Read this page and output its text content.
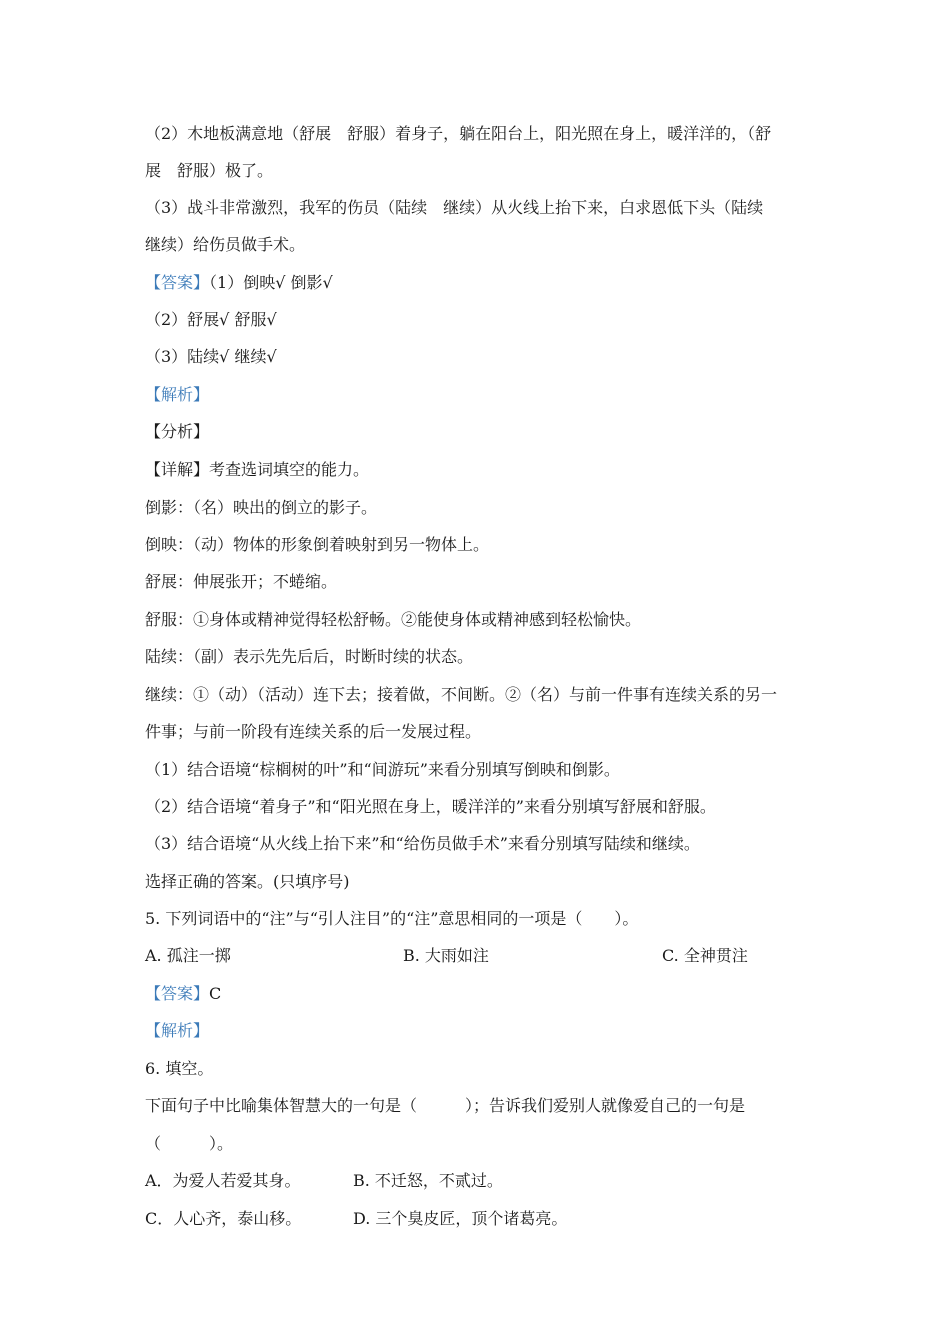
（2）木地板满意地（舒展　舒服）着身子，躺在阳台上，阳光照在身上，暖洋洋的，（舒
展　舒服）极了。
（3）战斗非常激烈，我军的伤员（陆续　继续）从火线上抬下来，白求恩低下头（陆续
继续）给伤员做手术。
【答案】（1）倒映√ 倒影√
（2）舒展√ 舒服√
（3）陆续√ 继续√
【解析】
【分析】
【详解】考查选词填空的能力。
倒影：（名）映出的倒立的影子。
倒映：（动）物体的形象倒着映射到另一物体上。
舒展：伸展张开；不蜷缩。
舒服：①身体或精神觉得轻松舒畅。②能使身体或精神感到轻松愉快。
陆续：（副）表示先先后后，时断时续的状态。
继续：①（动）（活动）连下去；接着做，不间断。②（名）与前一件事有连续关系的另一
件事；与前一阶段有连续关系的后一发展过程。
（1）结合语境“棕榈树的叶”和“间游玩”来看分别填写倒映和倒影。
（2）结合语境“着身子”和“阳光照在身上，暖洋洋的”来看分别填写舒展和舒服。
（3）结合语境“从火线上抬下来”和“给伤员做手术”来看分别填写陆续和继续。
选择正确的答案。(只填序号)
5. 下列词语中的“注”与“引人注目”的“注”意思相同的一项是（　　）。
A. 孤注一掷	B. 大雨如注	C. 全神贯注
【答案】C
【解析】
6. 填空。
下面句子中比喻集体智慧大的一句是（　　　）；告诉我们爱别人就像爱自己的一句是
（　　　）。
A．为爱人若爱其身。	B. 不迁怒，不贰过。
C．人心齐，泰山移。	D. 三个臭皮匠，顶个诸葛亮。
